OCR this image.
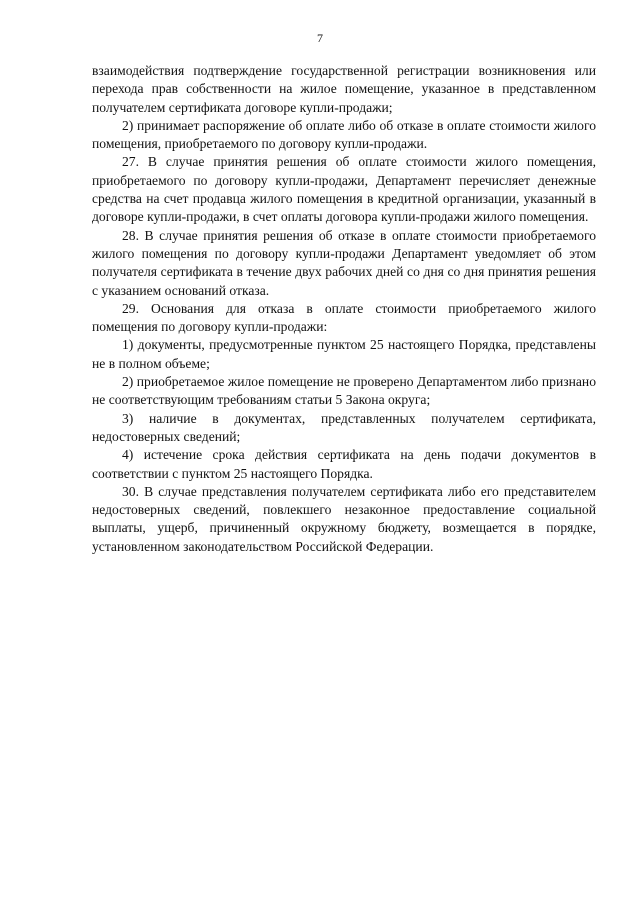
7

взаимодействия подтверждение государственной регистрации возникновения или перехода прав собственности на жилое помещение, указанное в представленном получателем сертификата договоре купли-продажи;

2) принимает распоряжение об оплате либо об отказе в оплате стоимости жилого помещения, приобретаемого по договору купли-продажи.

27. В случае принятия решения об оплате стоимости жилого помещения, приобретаемого по договору купли-продажи, Департамент перечисляет денежные средства на счет продавца жилого помещения в кредитной организации, указанный в договоре купли-продажи, в счет оплаты договора купли-продажи жилого помещения.

28. В случае принятия решения об отказе в оплате стоимости приобретаемого жилого помещения по договору купли-продажи Департамент уведомляет об этом получателя сертификата в течение двух рабочих дней со дня со дня принятия решения с указанием оснований отказа.

29. Основания для отказа в оплате стоимости приобретаемого жилого помещения по договору купли-продажи:

1) документы, предусмотренные пунктом 25 настоящего Порядка, представлены не в полном объеме;

2) приобретаемое жилое помещение не проверено Департаментом либо признано не соответствующим требованиям статьи 5 Закона округа;

3) наличие в документах, представленных получателем сертификата, недостоверных сведений;

4) истечение срока действия сертификата на день подачи документов в соответствии с пунктом 25 настоящего Порядка.

30. В случае представления получателем сертификата либо его представителем недостоверных сведений, повлекшего незаконное предоставление социальной выплаты, ущерб, причиненный окружному бюджету, возмещается в порядке, установленном законодательством Российской Федерации.
